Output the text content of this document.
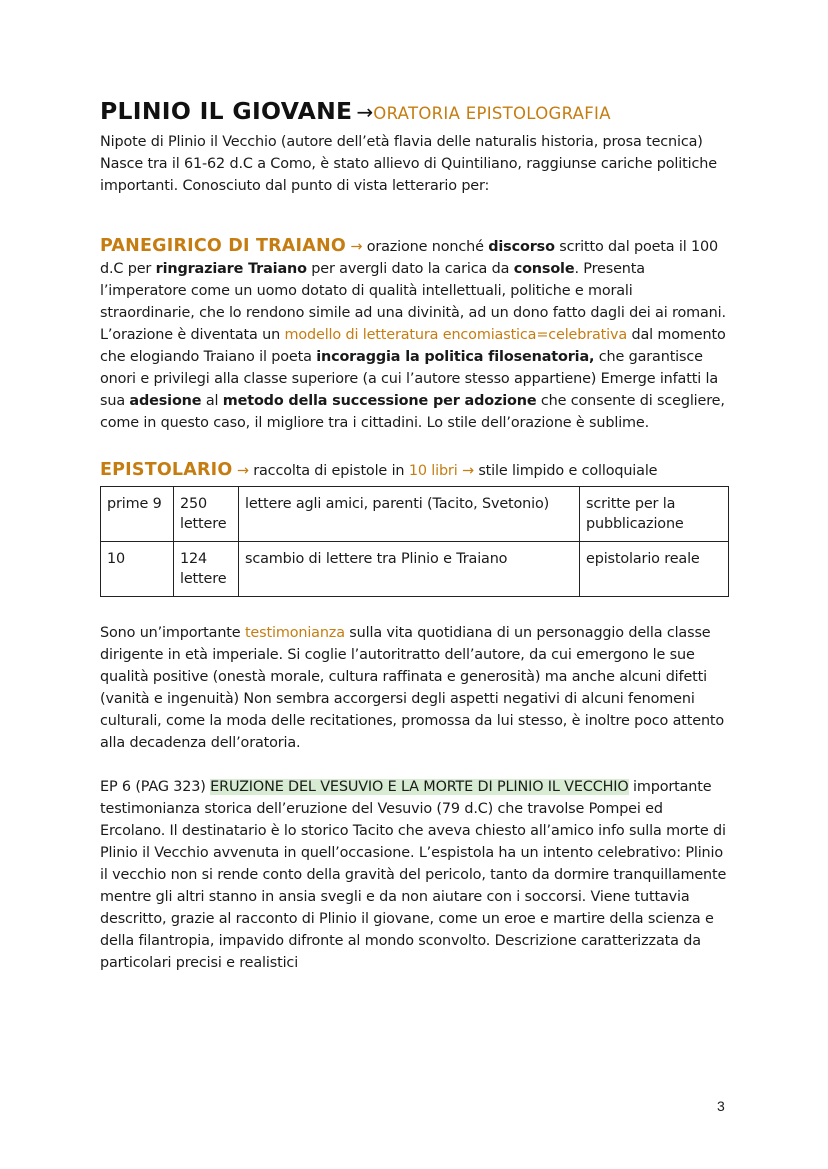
PLINIO IL GIOVANE →ORATORIA EPISTOLOGRAFIA

Nipote di Plinio il Vecchio (autore dell’età flavia delle naturalis historia, prosa tecnica) Nasce tra il 61-62 d.C a Como, è stato allievo di Quintiliano, raggiunse cariche politiche importanti. Conosciuto dal punto di vista letterario per:

PANEGIRICO DI TRAIANO → orazione nonché discorso scritto dal poeta il 100 d.C per ringraziare Traiano per avergli dato la carica da console. Presenta l’imperatore come un uomo dotato di qualità intellettuali, politiche e morali straordinarie, che lo rendono simile ad una divinità, ad un dono fatto dagli dei ai romani. L’orazione è diventata un modello di letteratura encomiastica=celebrativa dal momento che elogiando Traiano il poeta incoraggia la politica filosenatoria, che garantisce onori e privilegi alla classe superiore (a cui l’autore stesso appartiene) Emerge infatti la sua adesione al metodo della successione per adozione che consente di scegliere, come in questo caso, il migliore tra i cittadini. Lo stile dell’orazione è sublime.

EPISTOLARIO → raccolta di epistole in 10 libri → stile limpido e colloquiale

prime 9	250 lettere	lettere agli amici, parenti (Tacito, Svetonio)	scritte per la pubblicazione
10	124 lettere	scambio di lettere tra Plinio e Traiano	epistolario reale

Sono un’importante testimonianza sulla vita quotidiana di un personaggio della classe dirigente in età imperiale. Si coglie l’autoritratto dell’autore, da cui emergono le sue qualità positive (onestà morale, cultura raffinata e generosità) ma anche alcuni difetti (vanità e ingenuità) Non sembra accorgersi degli aspetti negativi di alcuni fenomeni culturali, come la moda delle recitationes, promossa da lui stesso, è inoltre poco attento alla decadenza dell’oratoria.

EP 6 (PAG 323) ERUZIONE DEL VESUVIO E LA MORTE DI PLINIO IL VECCHIO importante testimonianza storica dell’eruzione del Vesuvio (79 d.C) che travolse Pompei ed Ercolano. Il destinatario è lo storico Tacito che aveva chiesto all’amico info sulla morte di Plinio il Vecchio avvenuta in quell’occasione. L’espistola ha un intento celebrativo: Plinio il vecchio non si rende conto della gravità del pericolo, tanto da dormire tranquillamente mentre gli altri stanno in ansia svegli e da non aiutare con i soccorsi. Viene tuttavia descritto, grazie al racconto di Plinio il giovane, come un eroe e martire della scienza e della filantropia, impavido difronte al mondo sconvolto. Descrizione caratterizzata da particolari precisi e realistici

3
